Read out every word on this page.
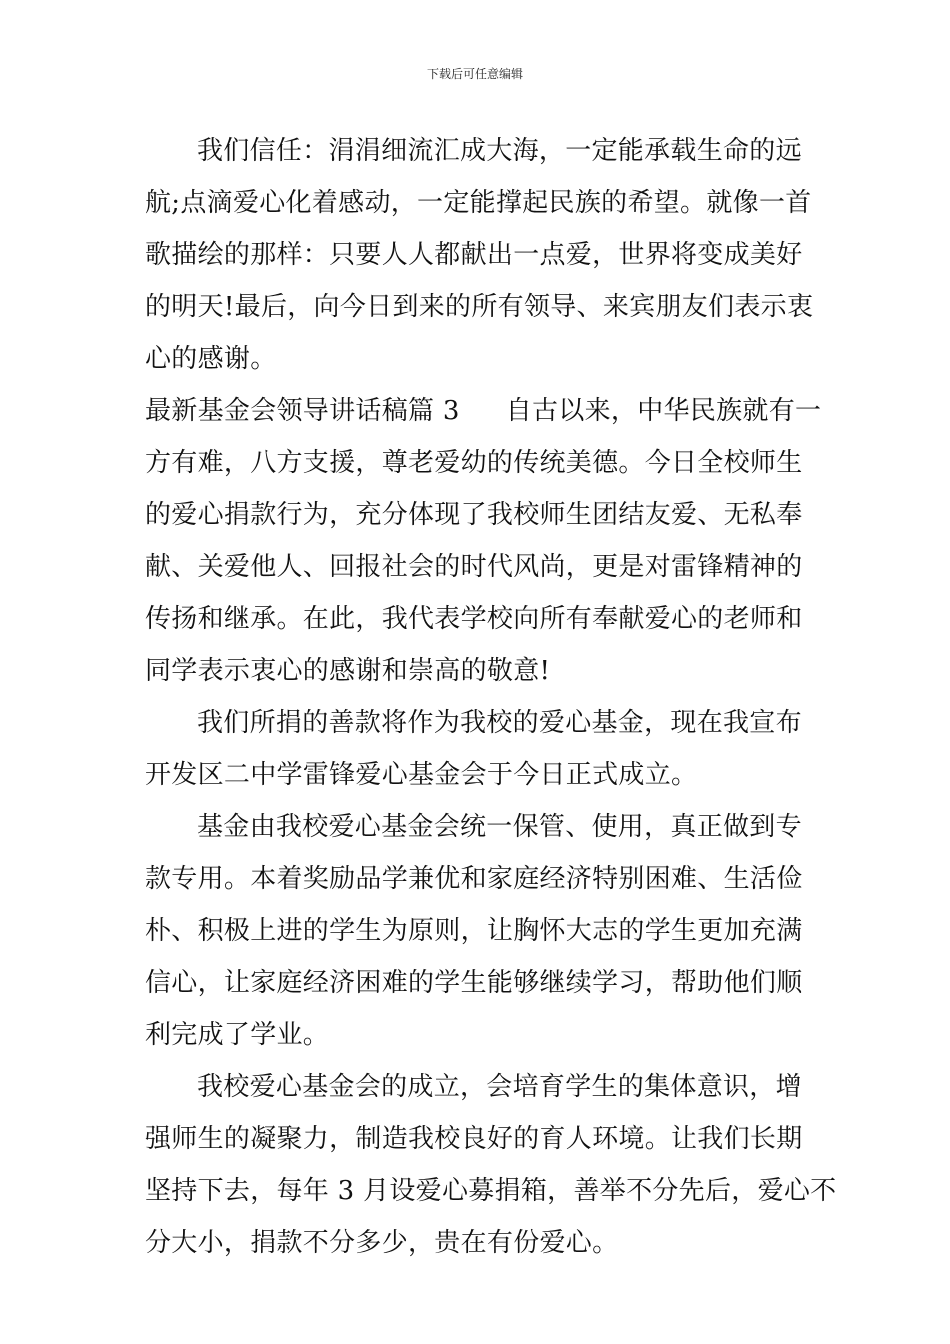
下载后可任意编辑
我们信任：涓涓细流汇成大海，一定能承载生命的远
航;点滴爱心化着感动，一定能撑起民族的希望。就像一首
歌描绘的那样：只要人人都献出一点爱，世界将变成美好
的明天!最后，向今日到来的所有领导、来宾朋友们表示衷
心的感谢。
最新基金会领导讲话稿篇 3 自古以来，中华民族就有一
方有难，八方支援，尊老爱幼的传统美德。今日全校师生
的爱心捐款行为，充分体现了我校师生团结友爱、无私奉
献、关爱他人、回报社会的时代风尚，更是对雷锋精神的
传扬和继承。在此，我代表学校向所有奉献爱心的老师和
同学表示衷心的感谢和崇高的敬意!
我们所捐的善款将作为我校的爱心基金，现在我宣布
开发区二中学雷锋爱心基金会于今日正式成立。
基金由我校爱心基金会统一保管、使用，真正做到专
款专用。本着奖励品学兼优和家庭经济特别困难、生活俭
朴、积极上进的学生为原则，让胸怀大志的学生更加充满
信心，让家庭经济困难的学生能够继续学习，帮助他们顺
利完成了学业。
我校爱心基金会的成立，会培育学生的集体意识，增
强师生的凝聚力，制造我校良好的育人环境。让我们长期
坚持下去，每年 3 月设爱心募捐箱，善举不分先后，爱心不
分大小，捐款不分多少，贵在有份爱心。
